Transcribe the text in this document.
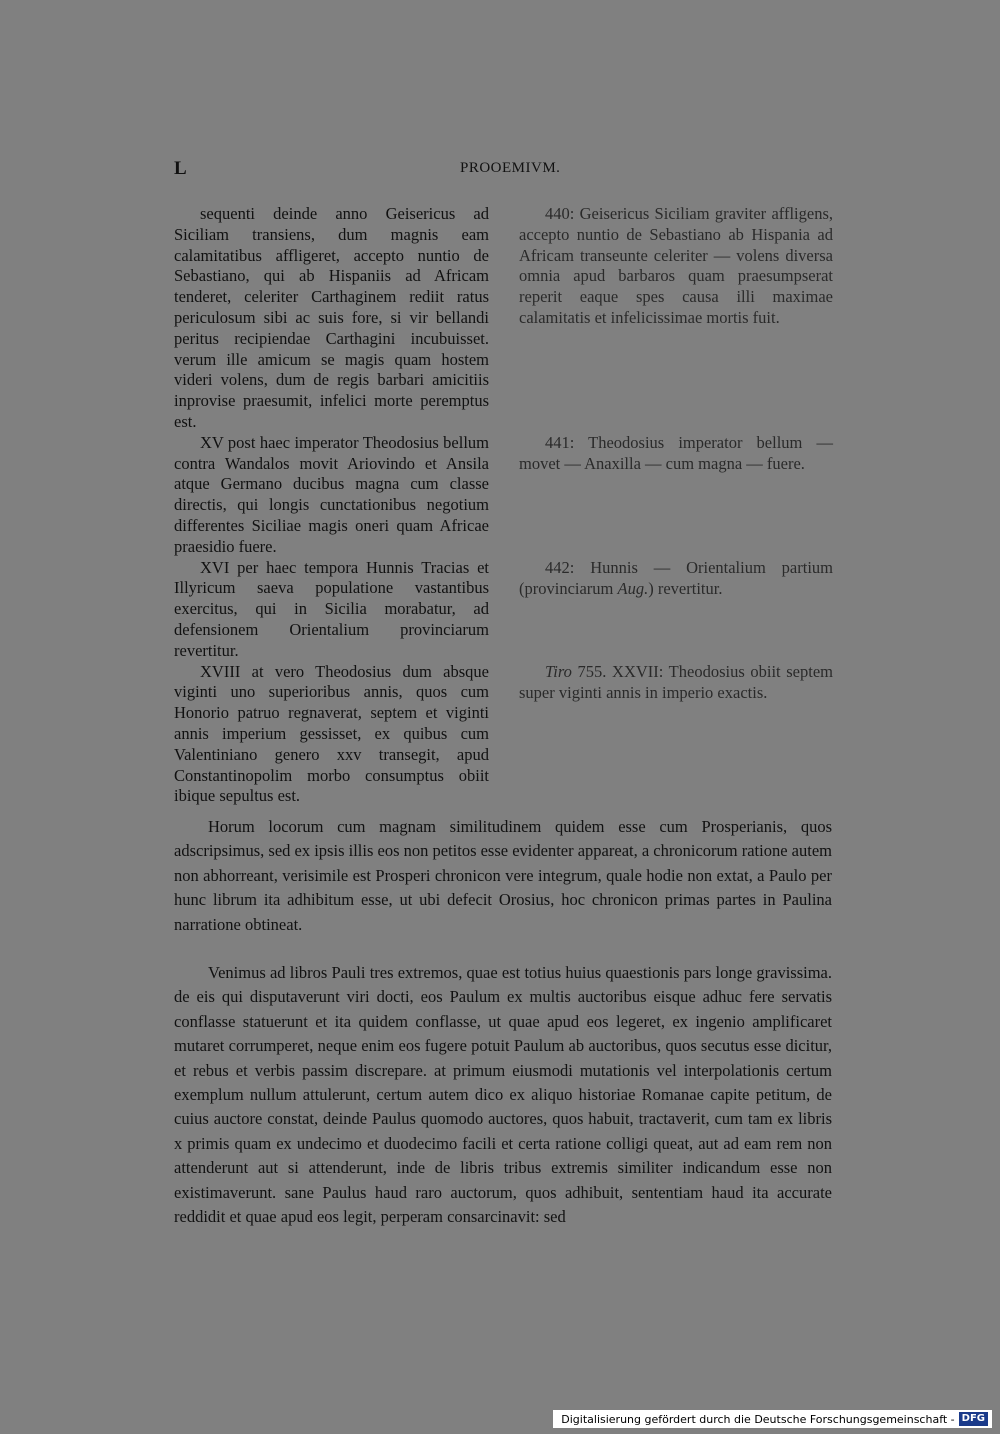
L	PROOEMIVM.

sequenti deinde anno Geisericus ad Siciliam transiens, dum magnis eam calamitatibus affligeret, accepto nuntio de Sebastiano, qui ab Hispaniis ad Africam tenderet, celeriter Carthaginem rediit ratus periculosum sibi ac suis fore, si vir bellandi peritus recipiendae Carthagini incubuisset. verum ille amicum se magis quam hostem videri volens, dum de regis barbari amicitiis inprovise praesumit, infelici morte peremptus est.

XV post haec imperator Theodosius bellum contra Wandalos movit Ariovindo et Ansila atque Germano ducibus magna cum classe directis, qui longis cunctationibus negotium differentes Siciliae magis oneri quam Africae praesidio fuere.

XVI per haec tempora Hunnis Tracias et Illyricum saeva populatione vastantibus exercitus, qui in Sicilia morabatur, ad defensionem Orientalium provinciarum revertitur.

XVIII at vero Theodosius dum absque viginti uno superioribus annis, quos cum Honorio patruo regnaverat, septem et viginti annis imperium gessisset, ex quibus cum Valentiniano genero xxv transegit, apud Constantinopolim morbo consumptus obiit ibique sepultus est.

440: Geisericus Siciliam graviter affligens, accepto nuntio de Sebastiano ab Hispania ad Africam transeunte celeriter — volens diversa omnia apud barbaros quam praesumpserat reperit eaque spes causa illi maximae calamitatis et infelicissimae mortis fuit.

441: Theodosius imperator bellum — movet — Anaxilla — cum magna — fuere.

442: Hunnis — Orientalium partium (provinciarum Aug.) revertitur.

Tiro 755. XXVII: Theodosius obiit septem super viginti annis in imperio exactis.

Horum locorum cum magnam similitudinem quidem esse cum Prosperianis, quos adscripsimus, sed ex ipsis illis eos non petitos esse evidenter appareat, a chronicorum ratione autem non abhorreant, verisimile est Prosperi chronicon vere integrum, quale hodie non extat, a Paulo per hunc librum ita adhibitum esse, ut ubi defecit Orosius, hoc chronicon primas partes in Paulina narratione obtineat.

Venimus ad libros Pauli tres extremos, quae est totius huius quaestionis pars longe gravissima. de eis qui disputaverunt viri docti, eos Paulum ex multis auctoribus eisque adhuc fere servatis conflasse statuerunt et ita quidem conflasse, ut quae apud eos legeret, ex ingenio amplificaret mutaret corrumperet, neque enim eos fugere potuit Paulum ab auctoribus, quos secutus esse dicitur, et rebus et verbis passim discrepare. at primum eiusmodi mutationis vel interpolationis certum exemplum nullum attulerunt, certum autem dico ex aliquo historiae Romanae capite petitum, de cuius auctore constat, deinde Paulus quomodo auctores, quos habuit, tractaverit, cum tam ex libris x primis quam ex undecimo et duodecimo facili et certa ratione colligi queat, aut ad eam rem non attenderunt aut si attenderunt, inde de libris tribus extremis similiter indicandum esse non existimaverunt. sane Paulus haud raro auctorum, quos adhibuit, sententiam haud ita accurate reddidit et quae apud eos legit, perperam consarcinavit: sed

Digitalisierung gefördert durch die Deutsche Forschungsgemeinschaft - DFG
